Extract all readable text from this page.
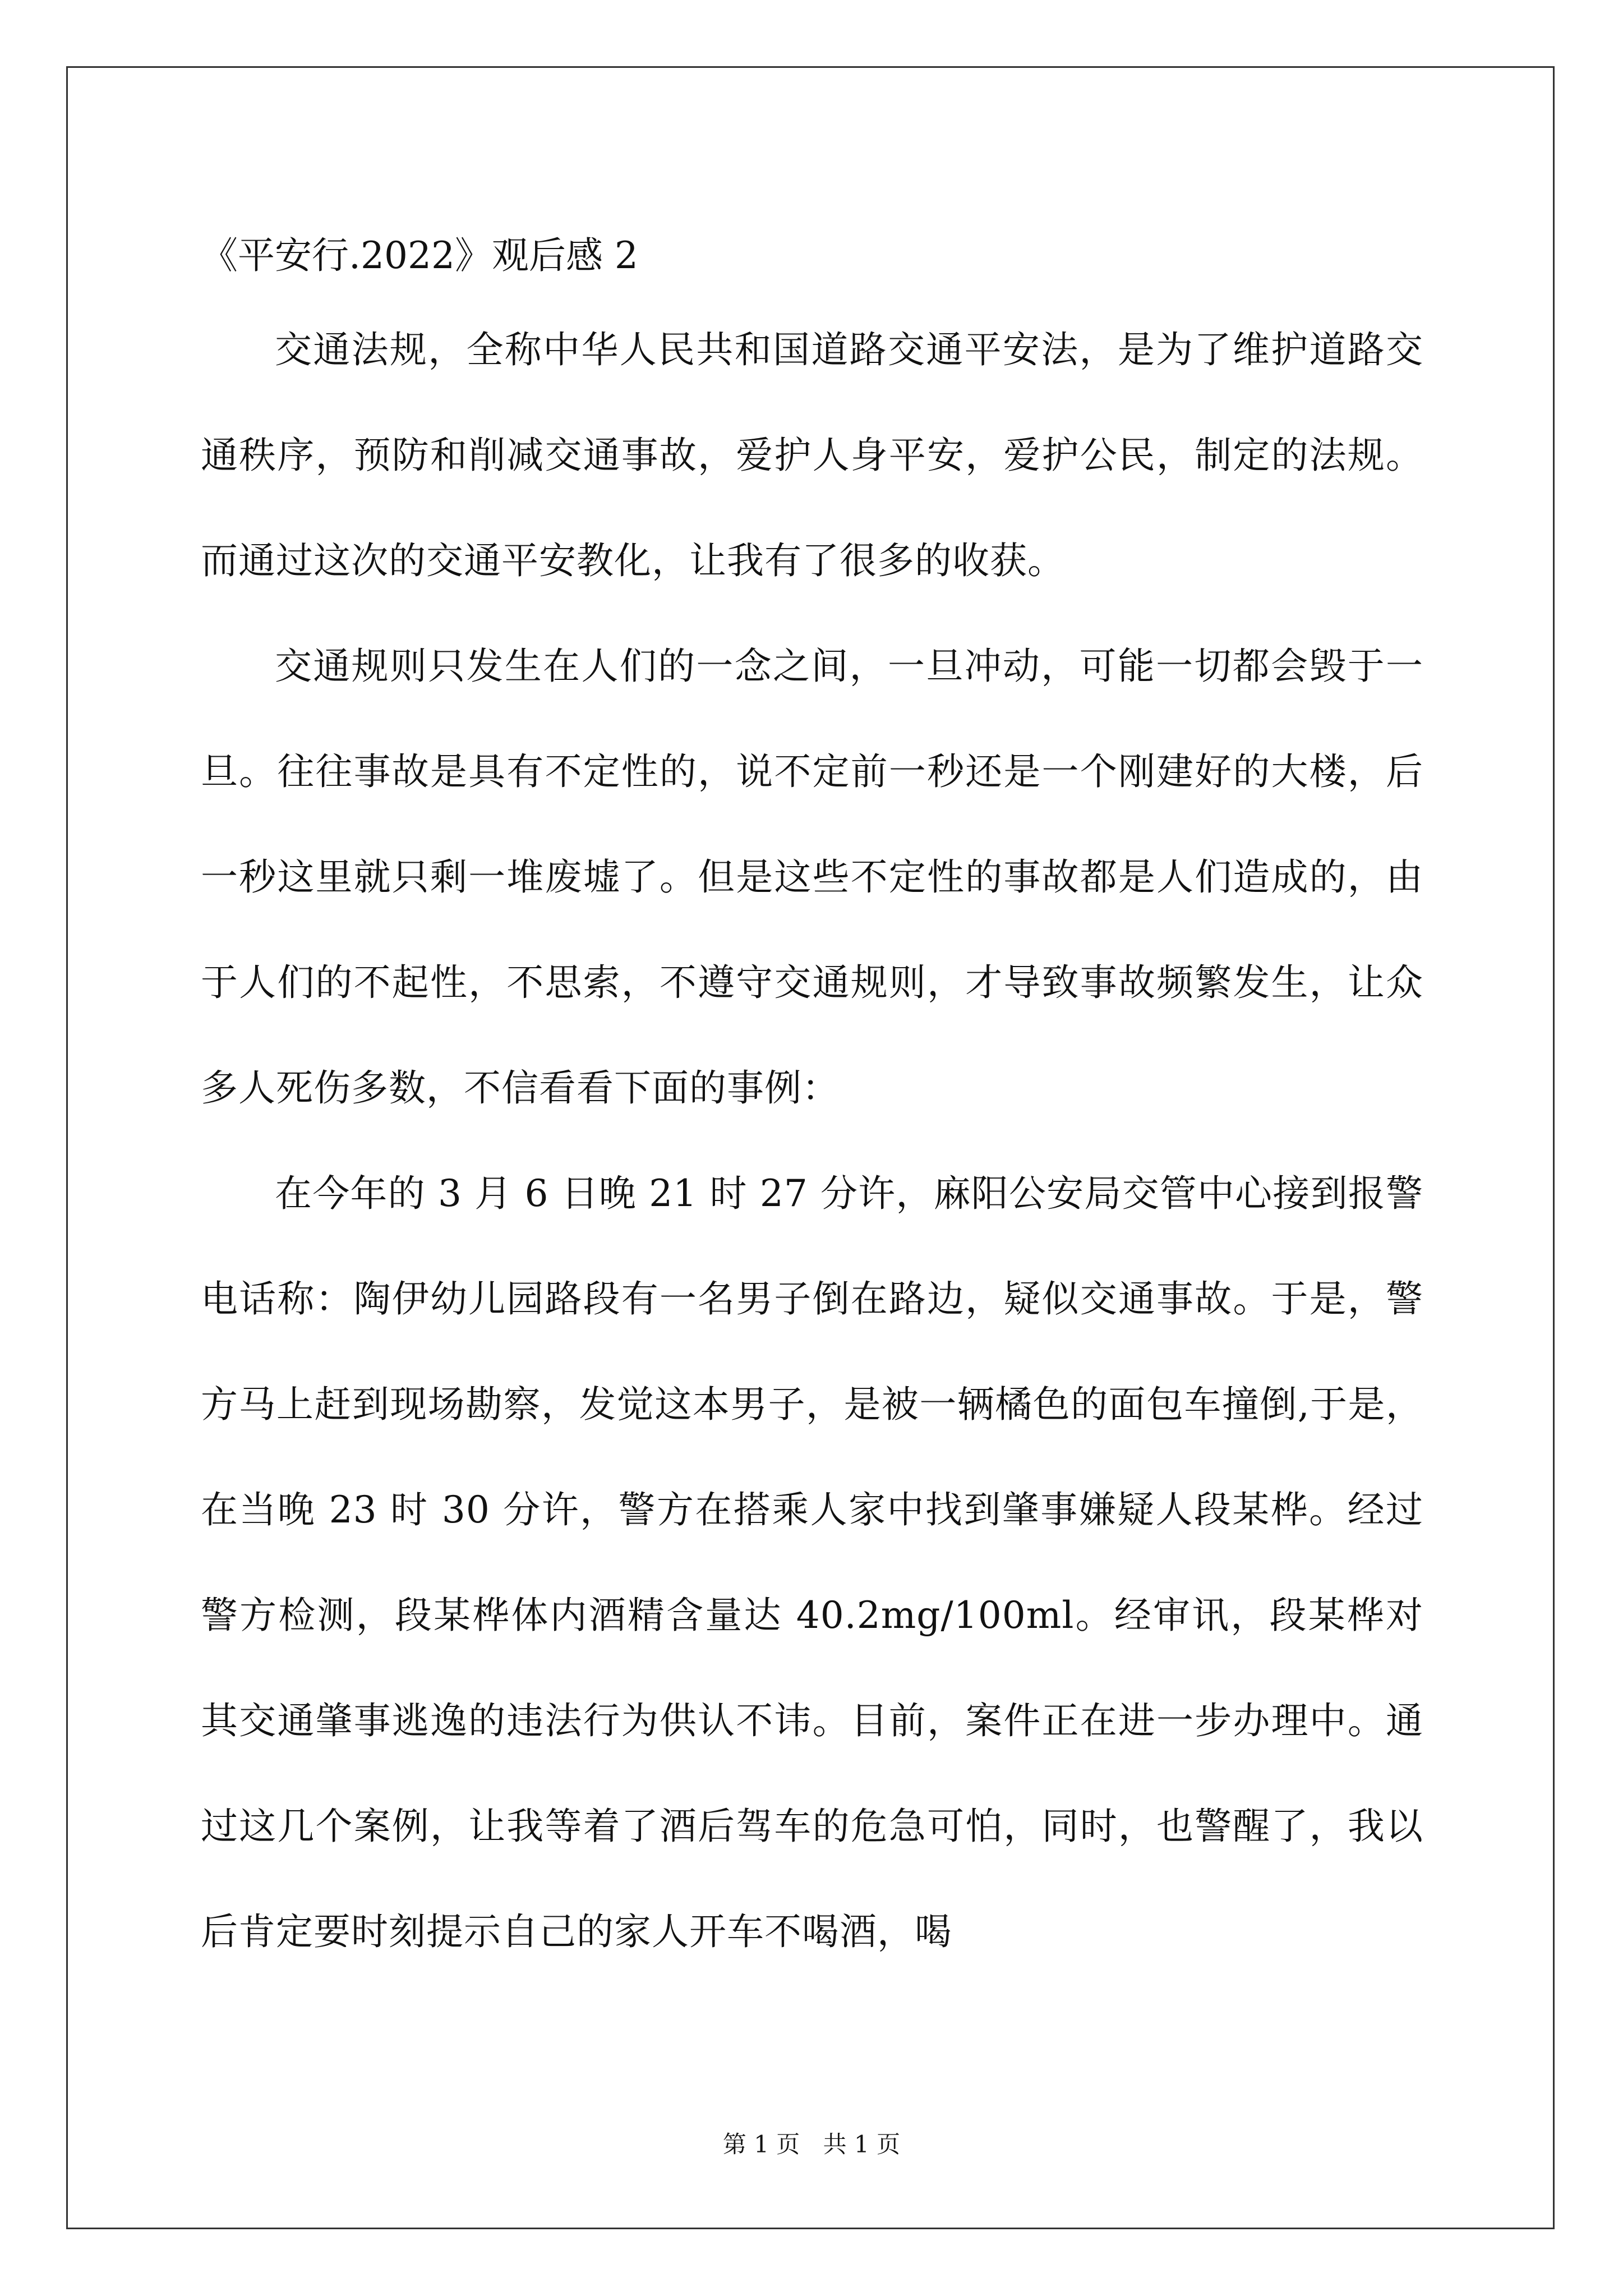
《平安行.2022》观后感 2

交通法规，全称中华人民共和国道路交通平安法，是为了维护道路交通秩序，预防和削减交通事故，爱护人身平安，爱护公民，制定的法规。而通过这次的交通平安教化，让我有了很多的收获。

交通规则只发生在人们的一念之间，一旦冲动，可能一切都会毁于一旦。往往事故是具有不定性的，说不定前一秒还是一个刚建好的大楼，后一秒这里就只剩一堆废墟了。但是这些不定性的事故都是人们造成的，由于人们的不起性，不思索，不遵守交通规则，才导致事故频繁发生，让众多人死伤多数，不信看看下面的事例：

在今年的 3 月 6 日晚 21 时 27 分许，麻阳公安局交管中心接到报警电话称：陶伊幼儿园路段有一名男子倒在路边，疑似交通事故。于是，警方马上赶到现场勘察，发觉这本男子，是被一辆橘色的面包车撞倒,于是，在当晚 23 时 30 分许，警方在搭乘人家中找到肇事嫌疑人段某桦。经过警方检测，段某桦体内酒精含量达 40.2mg/100ml。经审讯，段某桦对其交通肇事逃逸的违法行为供认不讳。目前，案件正在进一步办理中。通过这几个案例，让我等着了酒后驾车的危急可怕，同时，也警醒了，我以后肯定要时刻提示自己的家人开车不喝酒，喝

第 1 页 共 1 页
